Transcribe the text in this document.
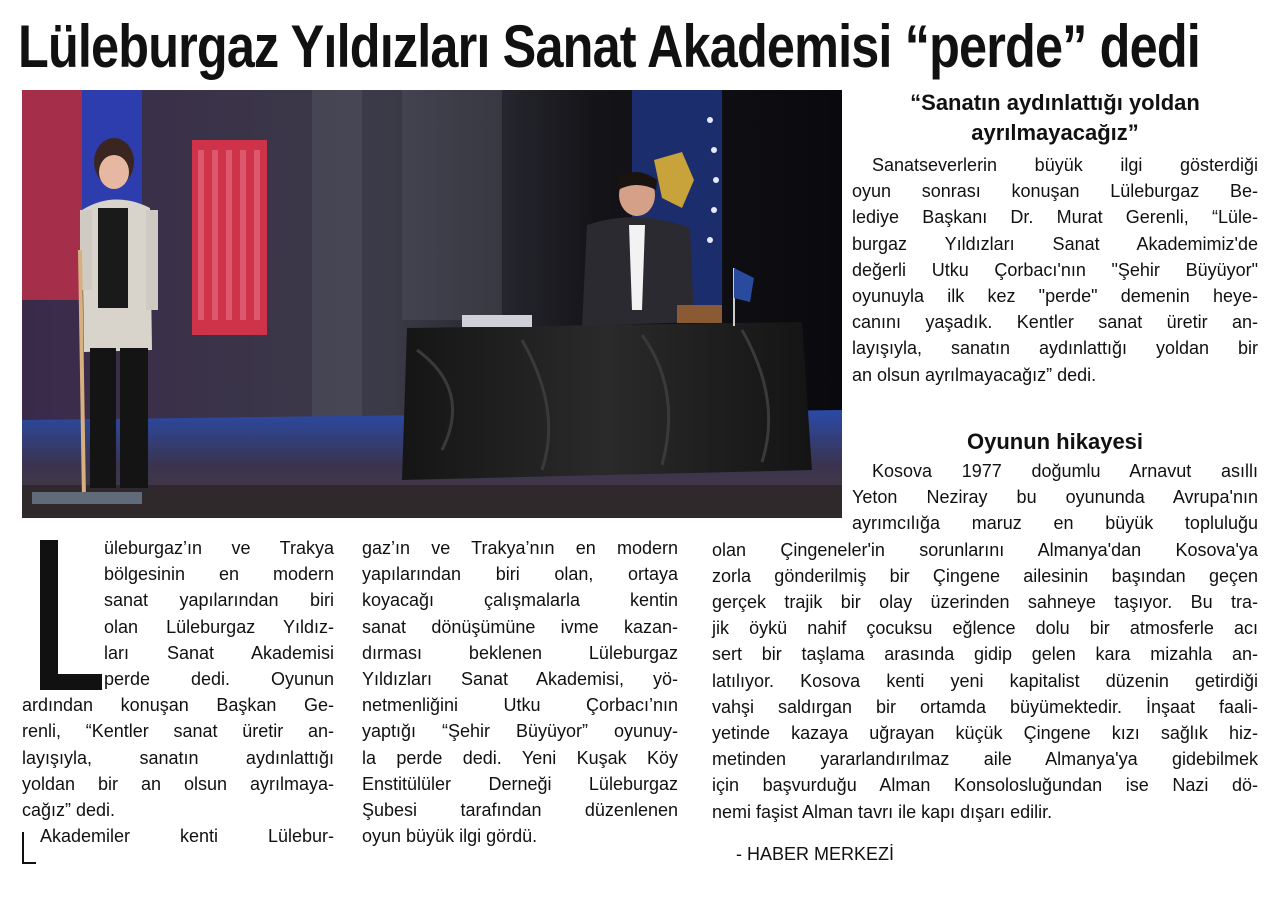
Lüleburgaz Yıldızları Sanat Akademisi “perde” dedi

“Sanatın aydınlattığı yoldan ayrılmayacağız”

Sanatseverlerin büyük ilgi gösterdiği
oyun sonrası konuşan Lüleburgaz Be-
lediye Başkanı Dr. Murat Gerenli, “Lüle-
burgaz Yıldızları Sanat Akademimiz'de
değerli Utku Çorbacı'nın "Şehir Büyüyor"
oyunuyla ilk kez "perde" demenin heye-
canını yaşadık. Kentler sanat üretir an-
layışıyla, sanatın aydınlattığı yoldan bir
an olsun ayrılmayacağız” dedi.
Oyunun hikayesi
Kosova 1977 doğumlu Arnavut asıllı
Yeton Neziray bu oyununda Avrupa'nın
ayrımcılığa maruz en büyük topluluğu
olan Çingeneler'in sorunlarını Almanya'dan Kosova'ya
zorla gönderilmiş bir Çingene ailesinin başından geçen
gerçek trajik bir olay üzerinden sahneye taşıyor. Bu tra-
jik öykü nahif çocuksu eğlence dolu bir atmosferle acı
sert bir taşlama arasında gidip gelen kara mizahla an-
latılıyor. Kosova kenti yeni kapitalist düzenin getirdiği
vahşi saldırgan bir ortamda büyümektedir. İnşaat faali-
yetinde kazaya uğrayan küçük Çingene kızı sağlık hiz-
metinden yararlandırılmaz aile Almanya'ya gidebilmek
için başvurduğu Alman Konsolosluğundan ise Nazi dö-
nemi faşist Alman tavrı ile kapı dışarı edilir.
- HABER MERKEZİ
üleburgaz’ın ve Trakya
bölgesinin en modern
sanat yapılarından biri
olan Lüleburgaz Yıldız-
ları Sanat Akademisi
perde dedi. Oyunun
ardından konuşan Başkan Ge-
renli, “Kentler sanat üretir an-
layışıyla, sanatın aydınlattığı
yoldan bir an olsun ayrılmaya-
cağız” dedi.
Akademiler kenti Lülebur-
gaz’ın ve Trakya’nın en modern
yapılarından biri olan, ortaya
koyacağı çalışmalarla kentin
sanat dönüşümüne ivme kazan-
dırması beklenen Lüleburgaz
Yıldızları Sanat Akademisi, yö-
netmenliğini Utku Çorbacı’nın
yaptığı “Şehir Büyüyor” oyunuy-
la perde dedi. Yeni Kuşak Köy
Enstitülüler Derneği Lüleburgaz
Şubesi tarafından düzenlenen
oyun büyük ilgi gördü.
